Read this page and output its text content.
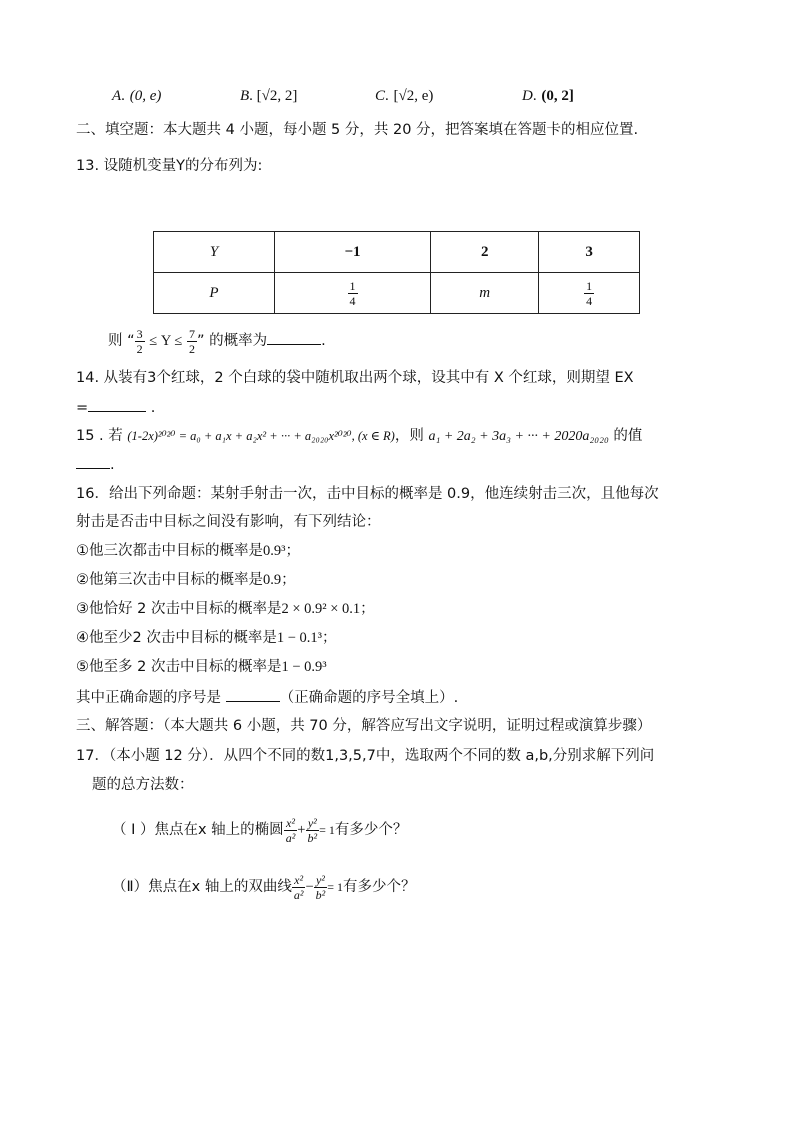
A. (0, e)	B. [√2, 2]	C. [√2, e)	D. (0, 2]
二、填空题：本大题共 4 小题，每小题 5 分，共 20 分，把答案填在答题卡的相应位置.
13. 设随机变量Y的分布列为:
Y	−1	2	3
P	$\frac{1}{4}$	m	$\frac{1}{4}$
则 “ $\frac{3}{2} \le Y \le \frac{7}{2}$ ” 的概率为	.
14. 从装有3个红球，2 个白球的袋中随机取出两个球，设其中有 X 个红球，则期望 EX
=	.
15 . 若 (1-2x)²⁰²⁰ = a₀ + a₁x + a₂x² + ··· + a₂₀₂₀x²⁰²⁰, (x ∈ R)，则 a₁ + 2a₂ + 3a₃ + ··· + 2020a₂₀₂₀ 的值
.
16．给出下列命题：某射手射击一次，击中目标的概率是 0.9，他连续射击三次，且他每次
射击是否击中目标之间没有影响，有下列结论：
①他三次都击中目标的概率是0.9³；
②他第三次击中目标的概率是0.9；
③他恰好 2 次击中目标的概率是2 × 0.9² × 0.1；
④他至少2 次击中目标的概率是1 − 0.1³；
⑤他至多 2 次击中目标的概率是1 − 0.9³
其中正确命题的序号是	（正确命题的序号全填上）.
三、解答题：（本大题共 6 小题，共 70 分，解答应写出文字说明，证明过程或演算步骤）
17．（本小题 12 分）．从四个不同的数1,3,5,7中，选取两个不同的数 a,b,分别求解下列问
题的总方法数：
（ Ⅰ ）焦点在x 轴上的椭圆 $\frac{\text{x²}}{\text{a²}} + \frac{\text{y²}}{\text{b²}} = 1$有多少个？
（Ⅱ）焦点在x 轴上的双曲线 $\frac{\text{x²}}{\text{a²}} - \frac{\text{y²}}{\text{b²}} = 1$有多少个？
